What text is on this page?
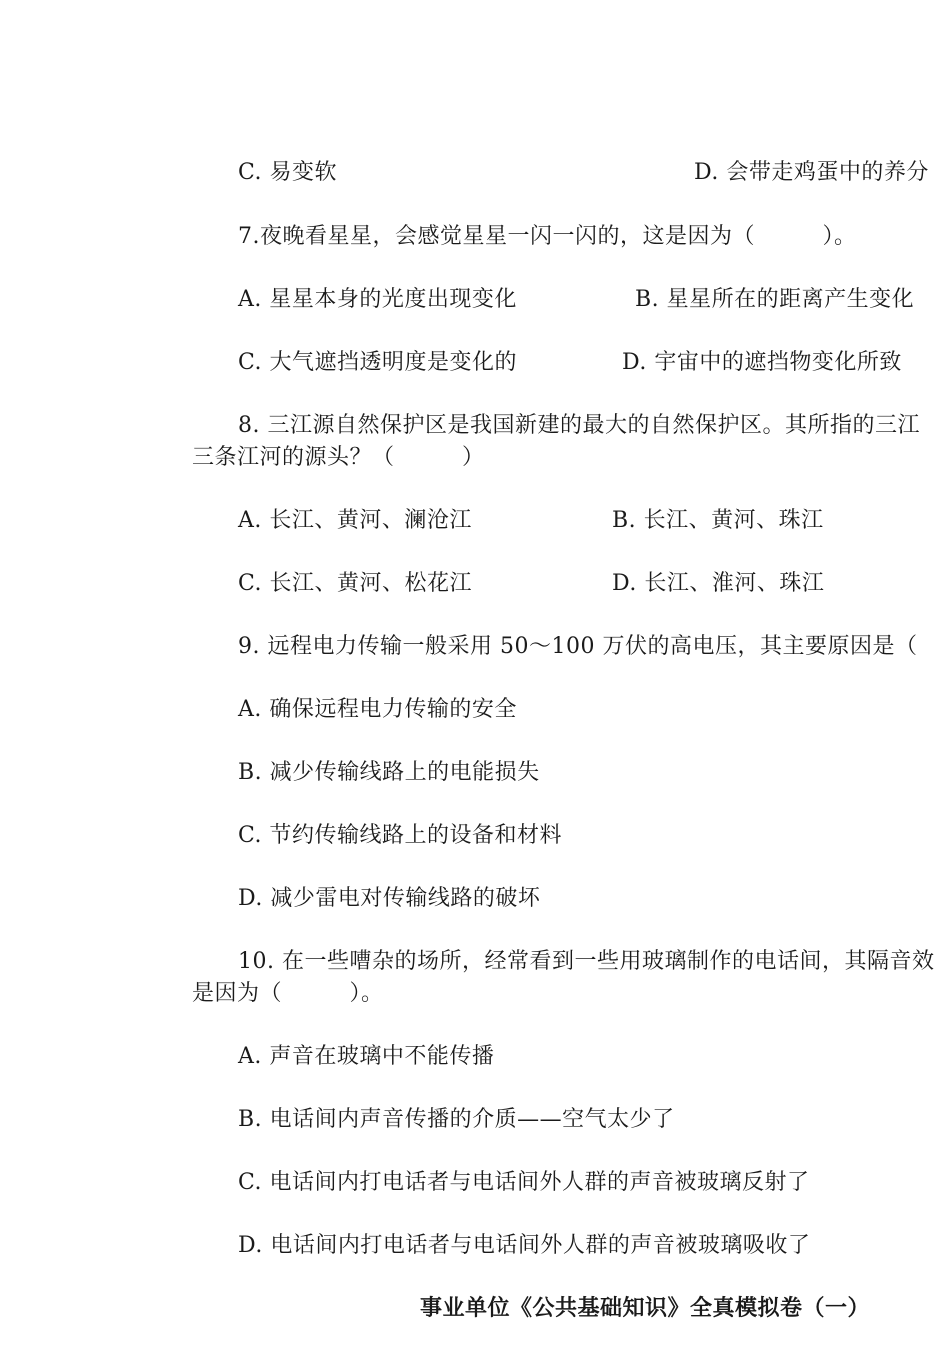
C. 易变软	D. 会带走鸡蛋中的养分
7.夜晚看星星，会感觉星星一闪一闪的，这是因为（　　　）。
A. 星星本身的光度出现变化	B. 星星所在的距离产生变化
C. 大气遮挡透明度是变化的	D. 宇宙中的遮挡物变化所致
8. 三江源自然保护区是我国新建的最大的自然保护区。其所指的三江
三条江河的源头？（　　　）
A. 长江、黄河、澜沧江	B. 长江、黄河、珠江
C. 长江、黄河、松花江	D. 长江、淮河、珠江
9. 远程电力传输一般采用 50～100 万伏的高电压，其主要原因是（
A. 确保远程电力传输的安全
B. 减少传输线路上的电能损失
C. 节约传输线路上的设备和材料
D. 减少雷电对传输线路的破坏
10. 在一些嘈杂的场所，经常看到一些用玻璃制作的电话间，其隔音效
是因为（　　　）。
A. 声音在玻璃中不能传播
B. 电话间内声音传播的介质——空气太少了
C. 电话间内打电话者与电话间外人群的声音被玻璃反射了
D. 电话间内打电话者与电话间外人群的声音被玻璃吸收了
事业单位《公共基础知识》全真模拟卷（一）
